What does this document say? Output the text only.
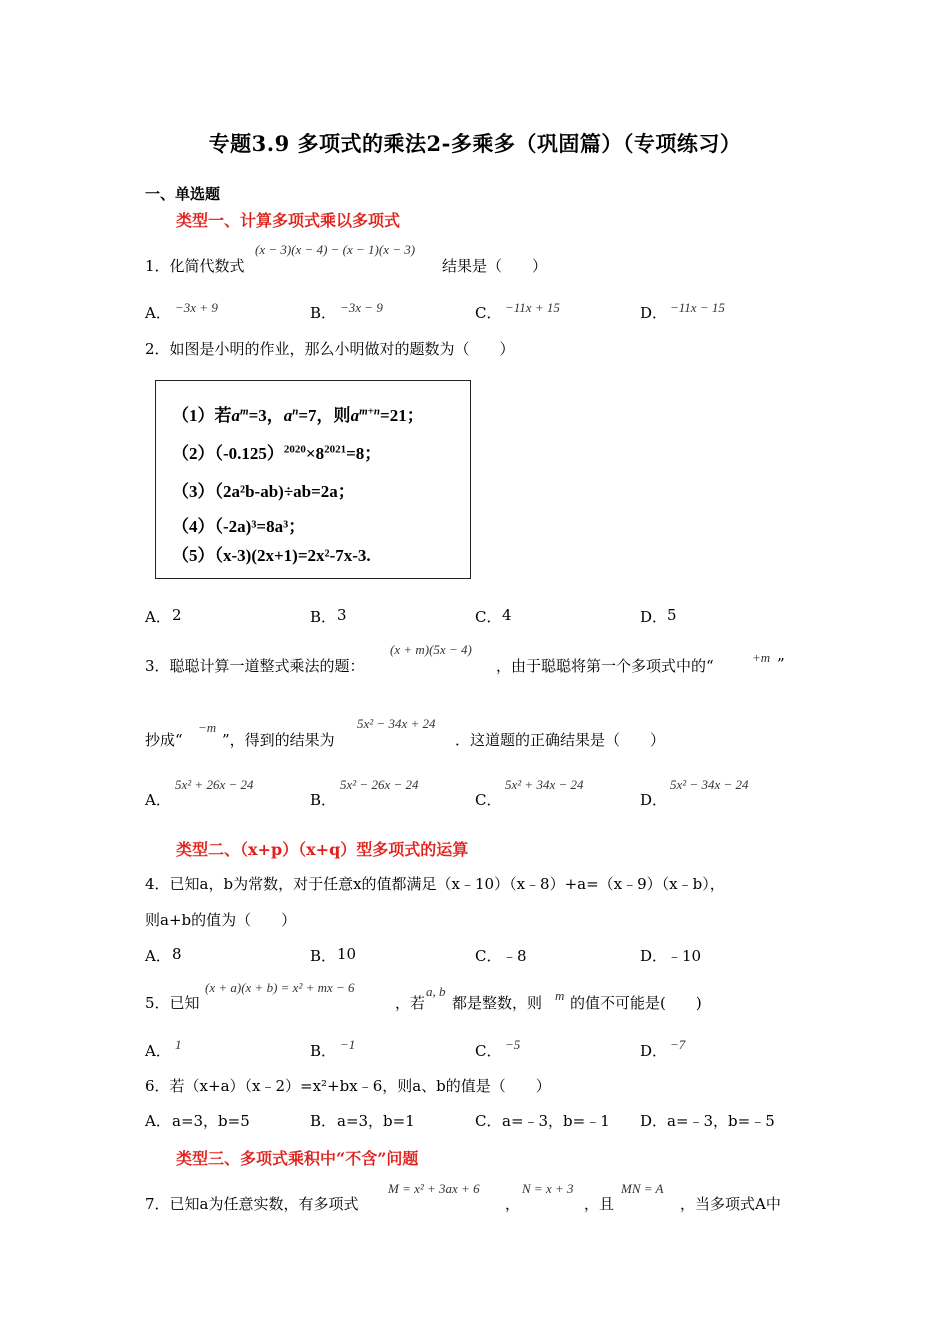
专题3.9 多项式的乘法2-多乘多（巩固篇）（专项练习）
一、单选题
类型一、计算多项式乘以多项式
1．化简代数式
(x − 3)(x − 4) − (x − 1)(x − 3)
结果是（　　）
A． −3x + 9	B． −3x − 9	C． −11x + 15	D． −11x − 15
2．如图是小明的作业，那么小明做对的题数为（　　）
（1）若$a^m=3$，$a^n=7$，则$a^{m+n}=21$；
$(2)(-0.125)^{2020}\times 8^{2021}=8$；
（3）（2a²b-ab)÷ab=2a；
（4）（-2a)³=8a³；
（5）（x-3)(2x+1)=2x²-7x-3.
A． 2	B． 3	C． 4	D． 5
3．聪聪计算一道整式乘法的题：
(x + m)(5x − 4)
，由于聪聪将第一个多项式中的“	+m ”
抄成“
−m
”，得到的结果为
5x² − 34x + 24
．这道题的正确结果是（　　）
A．
5x² + 26x − 24
B．
5x² − 26x − 24
C．
5x² + 34x − 24
D．
5x² − 34x − 24
类型二、（x+p）（x+q）型多项式的运算
4．已知a，b为常数，对于任意x的值都满足（x﹣10）（x﹣8）+a=（x﹣9）（x﹣b），
则a+b的值为（　　）
A． 8	B． 10	C． ﹣8	D． ﹣10
5．已知
(x + a)(x + b) = x² + mx − 6
，若
a, b
都是整数，则 m 的值不可能是(　　)
A． 1	B． −1	C． −5	D． −7
6．若（x+a）（x﹣2）=x²+bx﹣6，则a、b的值是（　　）
A． a=3，b=5	B． a=3，b=1	C． a=﹣3，b=﹣1 D． a=﹣3，b=﹣5
类型三、多项式乘积中“不含”问题
7．已知a为任意实数，有多项式
M = x² + 3ax + 6
，
N = x + 3
，且
MN = A
，当多项式A中
